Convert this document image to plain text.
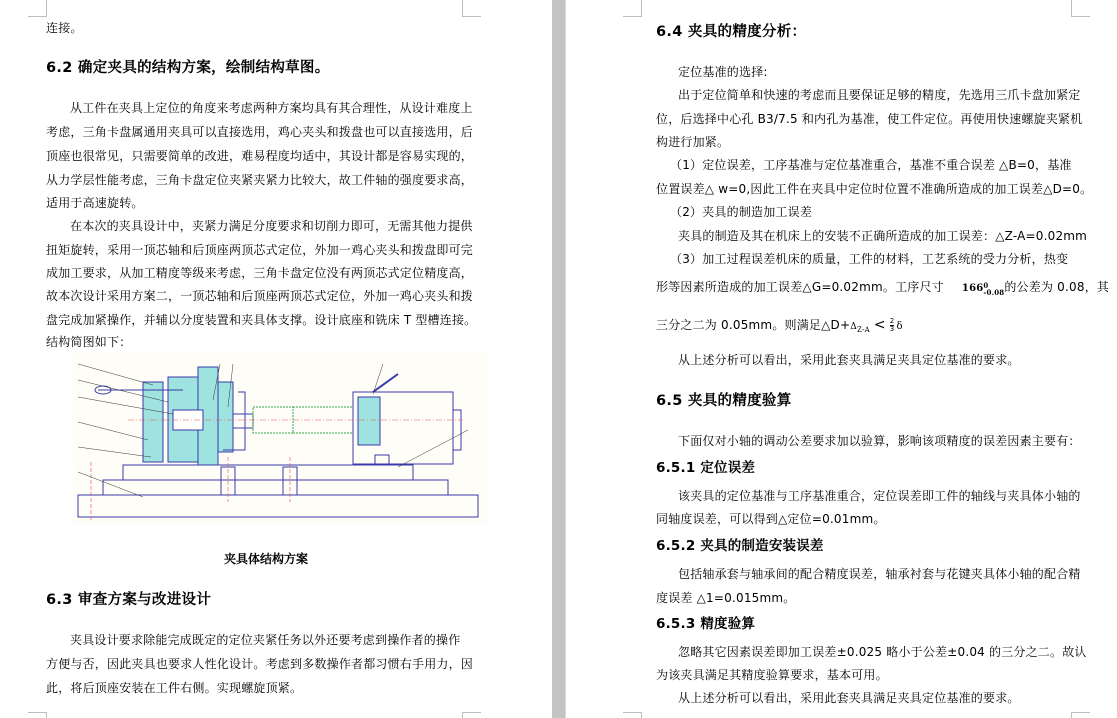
连接。
6.2 确定夹具的结构方案，绘制结构草图。
从工件在夹具上定位的角度来考虑两种方案均具有其合理性，从设计难度上
考虑，三角卡盘属通用夹具可以直接选用，鸡心夹头和拨盘也可以直接选用，后
顶座也很常见，只需要简单的改进，难易程度均适中，其设计都是容易实现的，
从力学层性能考虑，三角卡盘定位夹紧夹紧力比较大，故工件轴的强度要求高，
适用于高速旋转。
在本次的夹具设计中，夹紧力满足分度要求和切削力即可，无需其他力提供
扭矩旋转，采用一顶芯轴和后顶座两顶芯式定位，外加一鸡心夹头和拨盘即可完
成加工要求，从加工精度等级来考虑，三角卡盘定位没有两顶芯式定位精度高，
故本次设计采用方案二，一顶芯轴和后顶座两顶芯式定位，外加一鸡心夹头和拨
盘完成加紧操作，并辅以分度装置和夹具体支撑。设计底座和铣床 T 型槽连接。
结构简图如下：
夹具体结构方案
6.3 审查方案与改进设计
夹具设计要求除能完成既定的定位夹紧任务以外还要考虑到操作者的操作
方便与否，因此夹具也要求人性化设计。考虑到多数操作者都习惯右手用力，因
此，将后顶座安装在工件右侧。实现螺旋顶紧。
6.4 夹具的精度分析：
定位基准的选择:
出于定位简单和快速的考虑而且要保证足够的精度，先选用三爪卡盘加紧定
位，后选择中心孔 B3/7.5 和内孔为基准，使工件定位。再使用快速螺旋夹紧机
构进行加紧。
（1）定位误差，工序基准与定位基准重合，基准不重合误差 △B=0，基准
位置误差△ w=0,因此工件在夹具中定位时位置不准确所造成的加工误差△D=0。
（2）夹具的制造加工误差
夹具的制造及其在机床上的安装不正确所造成的加工误差：△Z-A=0.02mm
（3）加工过程误差机床的质量，工件的材料，工艺系统的受力分析，热变
从上述分析可以看出，采用此套夹具满足夹具定位基准的要求。
6.5 夹具的精度验算
下面仅对小轴的调动公差要求加以验算，影响该项精度的误差因素主要有：
6.5.1 定位误差
该夹具的定位基准与工序基准重合，定位误差即工件的轴线与夹具体小轴的
同轴度误差，可以得到△定位=0.01mm。
6.5.2 夹具的制造安装误差
包括轴承套与轴承间的配合精度误差，轴承衬套与花键夹具体小轴的配合精
度误差 △1=0.015mm。
6.5.3 精度验算
忽略其它因素误差即加工误差±0.025 略小于公差±0.04 的三分之二。故认
为该夹具满足其精度验算要求，基本可用。
从上述分析可以看出，采用此套夹具满足夹具定位基准的要求。
形等因素所造成的加工误差△G=0.02mm。工序尺寸 166 0
-0.08 的公差为 0.08，其
三分之二为 0.05mm。则满足$\triangle D+\Delta_{Z-A} < \frac{2}{3}$ δ
